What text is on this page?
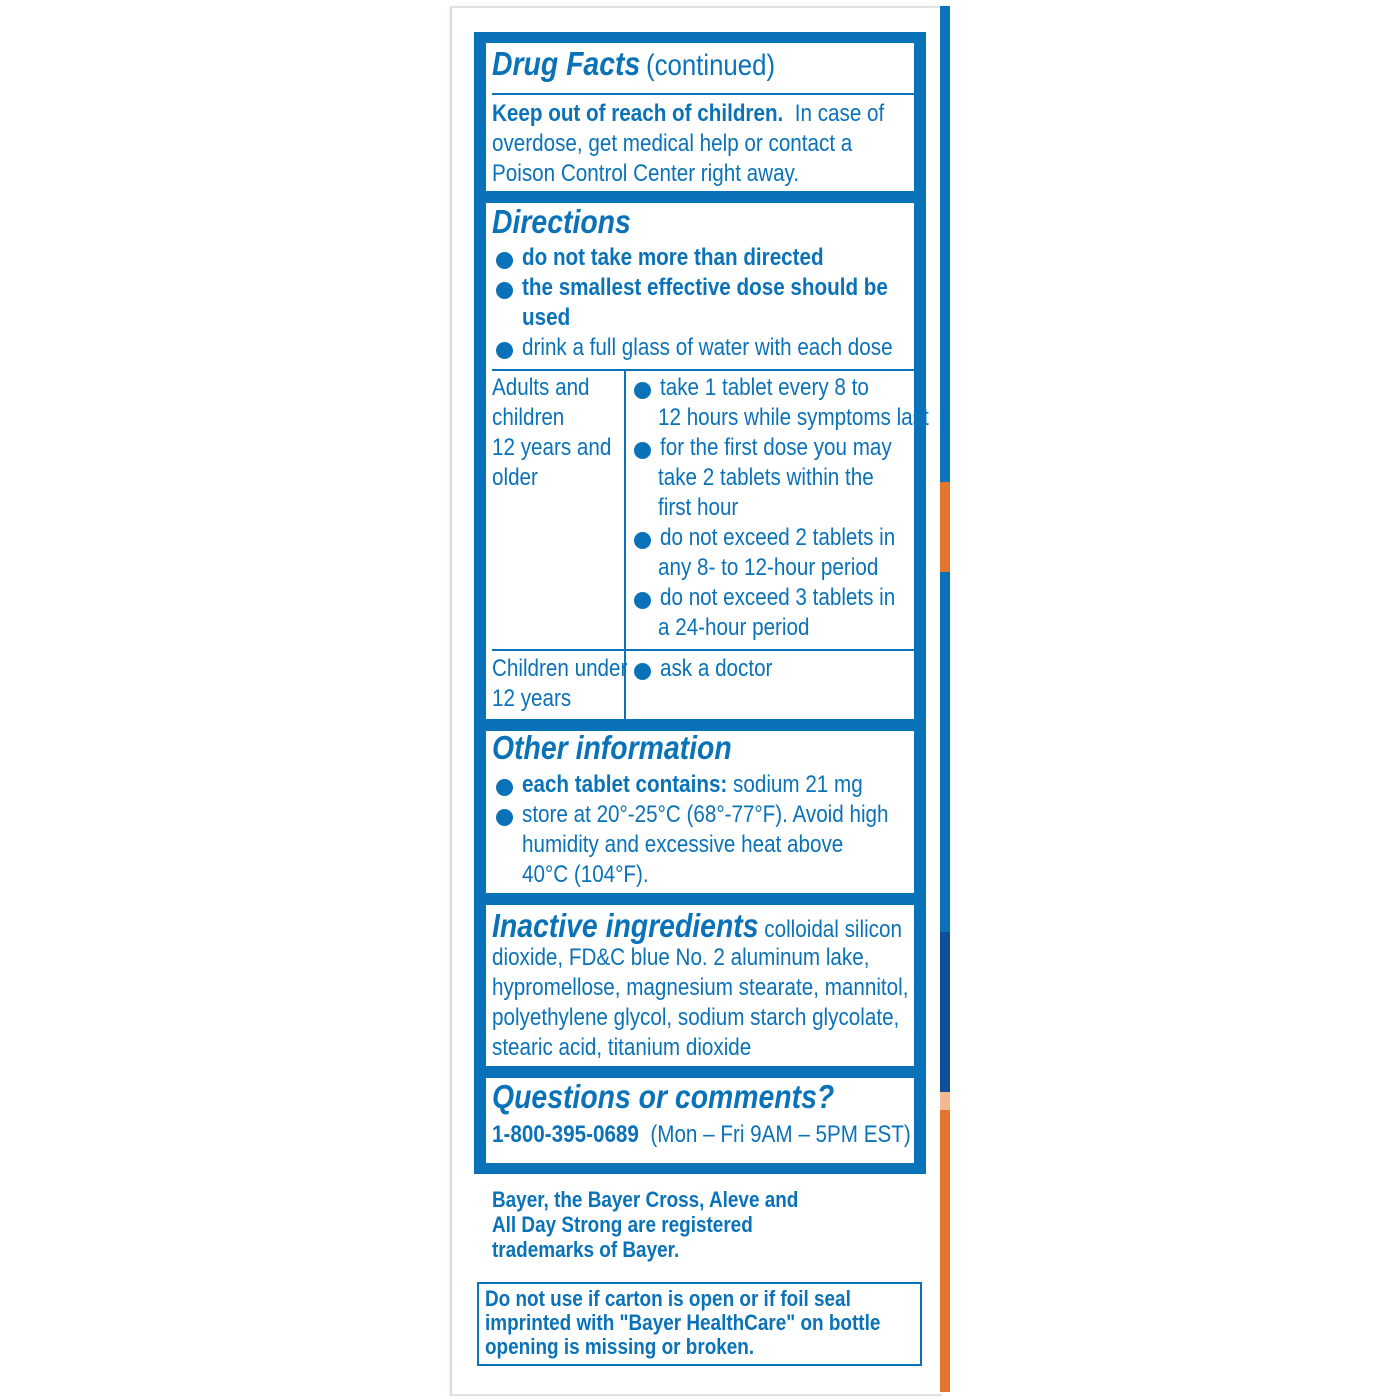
Drug Facts (continued)
Keep out of reach of children. In case of
overdose, get medical help or contact a
Poison Control Center right away.
Directions
do not take more than directed
the smallest effective dose should be
used
drink a full glass of water with each dose
Adults and
children
12 years and
older
take 1 tablet every 8 to
12 hours while symptoms last
for the first dose you may
take 2 tablets within the
first hour
do not exceed 2 tablets in
any 8- to 12-hour period
do not exceed 3 tablets in
a 24-hour period
Children under
12 years
ask a doctor
Other information
each tablet contains: sodium 21 mg
store at 20°-25°C (68°-77°F). Avoid high
humidity and excessive heat above
40°C (104°F).
Inactive ingredients colloidal silicon
dioxide, FD&C blue No. 2 aluminum lake,
hypromellose, magnesium stearate, mannitol,
polyethylene glycol, sodium starch glycolate,
stearic acid, titanium dioxide
Questions or comments?
1-800-395-0689 (Mon – Fri 9AM – 5PM EST)
Bayer, the Bayer Cross, Aleve and
All Day Strong are registered
trademarks of Bayer.
Do not use if carton is open or if foil seal
imprinted with "Bayer HealthCare" on bottle
opening is missing or broken.
